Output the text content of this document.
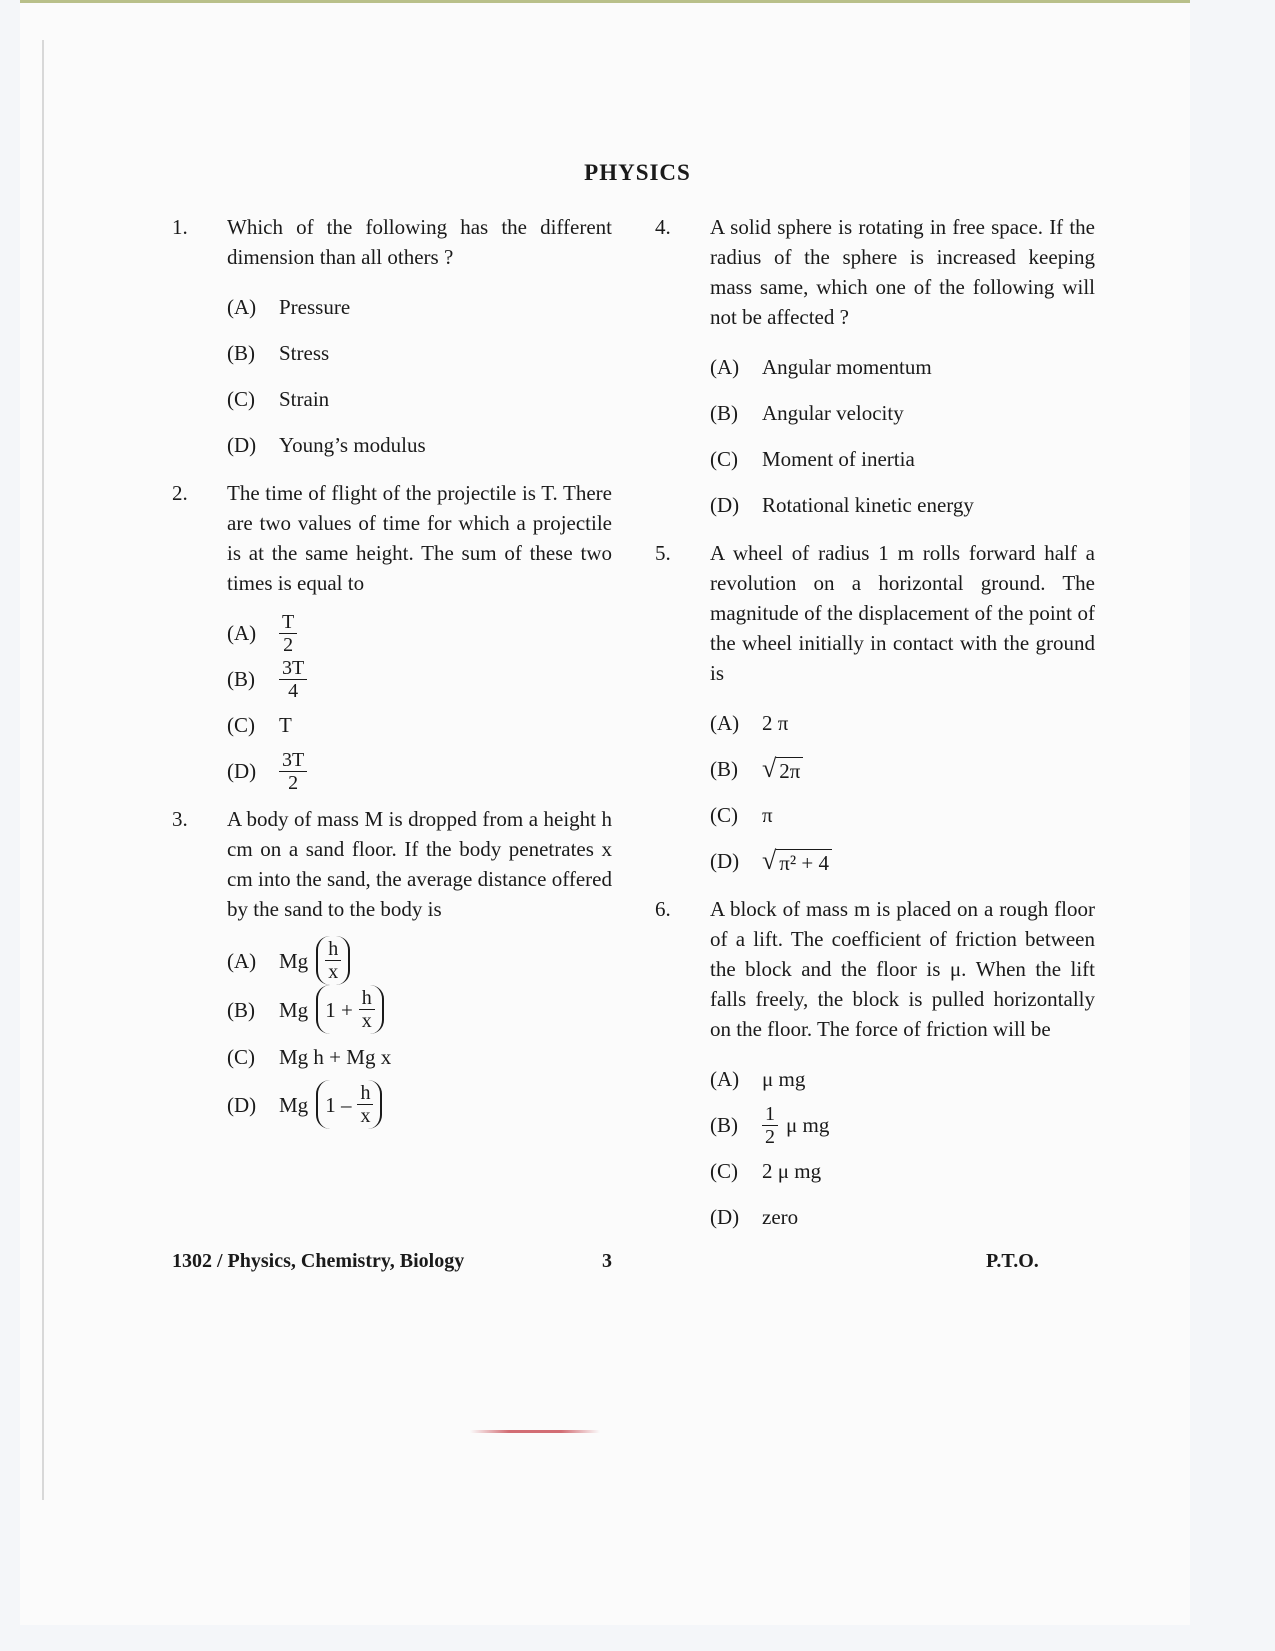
PHYSICS
1. Which of the following has the different dimension than all others ?
(A)	Pressure
(B)	Stress
(C)	Strain
(D)	Young’s modulus
2. The time of flight of the projectile is T. There are two values of time for which a projectile is at the same height. The sum of these two times is equal to
(A)	$\frac{T}{2}$
(B)	$\frac{3T}{4}$
(C)	T
(D)	$\frac{3T}{2}$
3. A body of mass M is dropped from a height h cm on a sand floor. If the body penetrates x cm into the sand, the average distance offered by the sand to the body is
(A)	Mg $\frac{h}{x}$
(B)	Mg $1 + \frac{h}{x}$
(C)	Mg h + Mg x
(D)	Mg $1 - \frac{h}{x}$
4. A solid sphere is rotating in free space. If the radius of the sphere is increased keeping mass same, which one of the following will not be affected ?
(A)	Angular momentum
(B)	Angular velocity
(C)	Moment of inertia
(D)	Rotational kinetic energy
5. A wheel of radius 1 m rolls forward half a revolution on a horizontal ground. The magnitude of the displacement of the point of the wheel initially in contact with the ground is
(A)	2 π
(B) √ 2π
(C)	π
(D) √ π² + 4
6. A block of mass m is placed on a rough floor of a lift. The coefficient of friction between the block and the floor is μ. When the lift falls freely, the block is pulled horizontally on the floor. The force of friction will be
(A)	μ mg
(B)	$\frac{1}{2}$ μ mg
(C)	2 μ mg
(D)	zero
1302 / Physics, Chemistry, Biology	3	P.T.O.
